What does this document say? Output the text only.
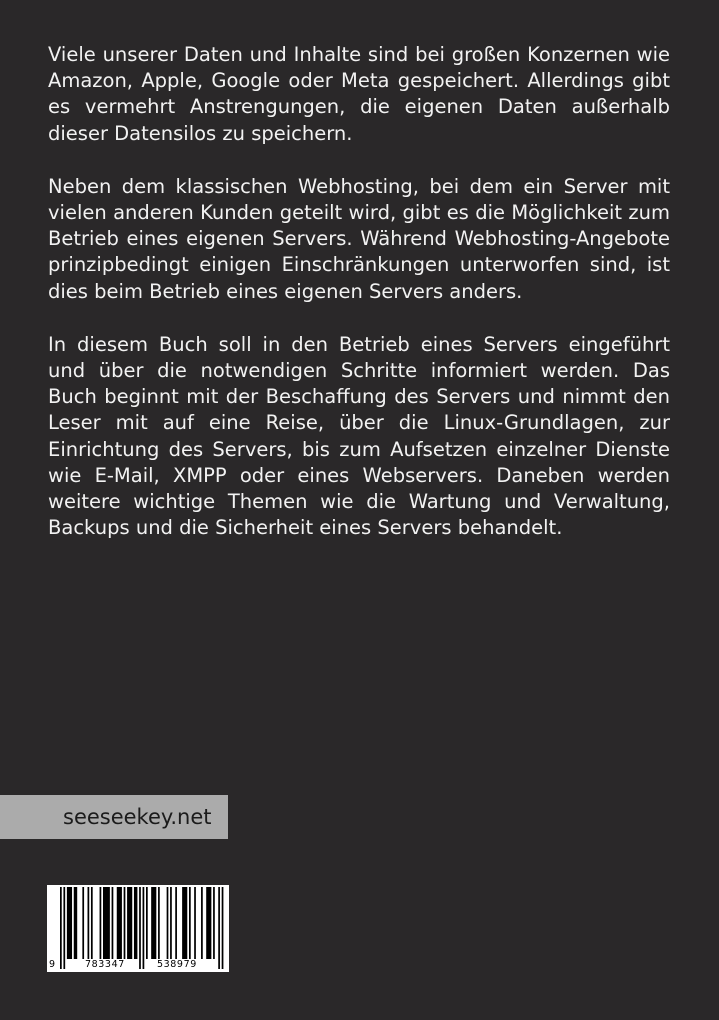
Viele unserer Daten und Inhalte sind bei großen Konzernen wie Amazon, Apple, Google oder Meta gespeichert. Allerdings gibt es vermehrt Anstrengungen, die eigenen Daten außerhalb dieser Datensilos zu speichern.

Neben dem klassischen Webhosting, bei dem ein Server mit vielen anderen Kunden geteilt wird, gibt es die Möglichkeit zum Betrieb eines eigenen Servers. Während Webhosting-Angebote prinzipbedingt einigen Einschränkungen unterworfen sind, ist dies beim Betrieb eines eigenen Servers anders.

In diesem Buch soll in den Betrieb eines Servers eingeführt und über die notwendigen Schritte informiert werden. Das Buch beginnt mit der Beschaffung des Servers und nimmt den Leser mit auf eine Reise, über die Linux-Grundlagen, zur Einrichtung des Servers, bis zum Aufsetzen einzelner Dienste wie E-Mail, XMPP oder eines Webservers. Daneben werden weitere wichtige Themen wie die Wartung und Verwaltung, Backups und die Sicherheit eines Servers behandelt.

seeseekey.net
9	783347	538979
